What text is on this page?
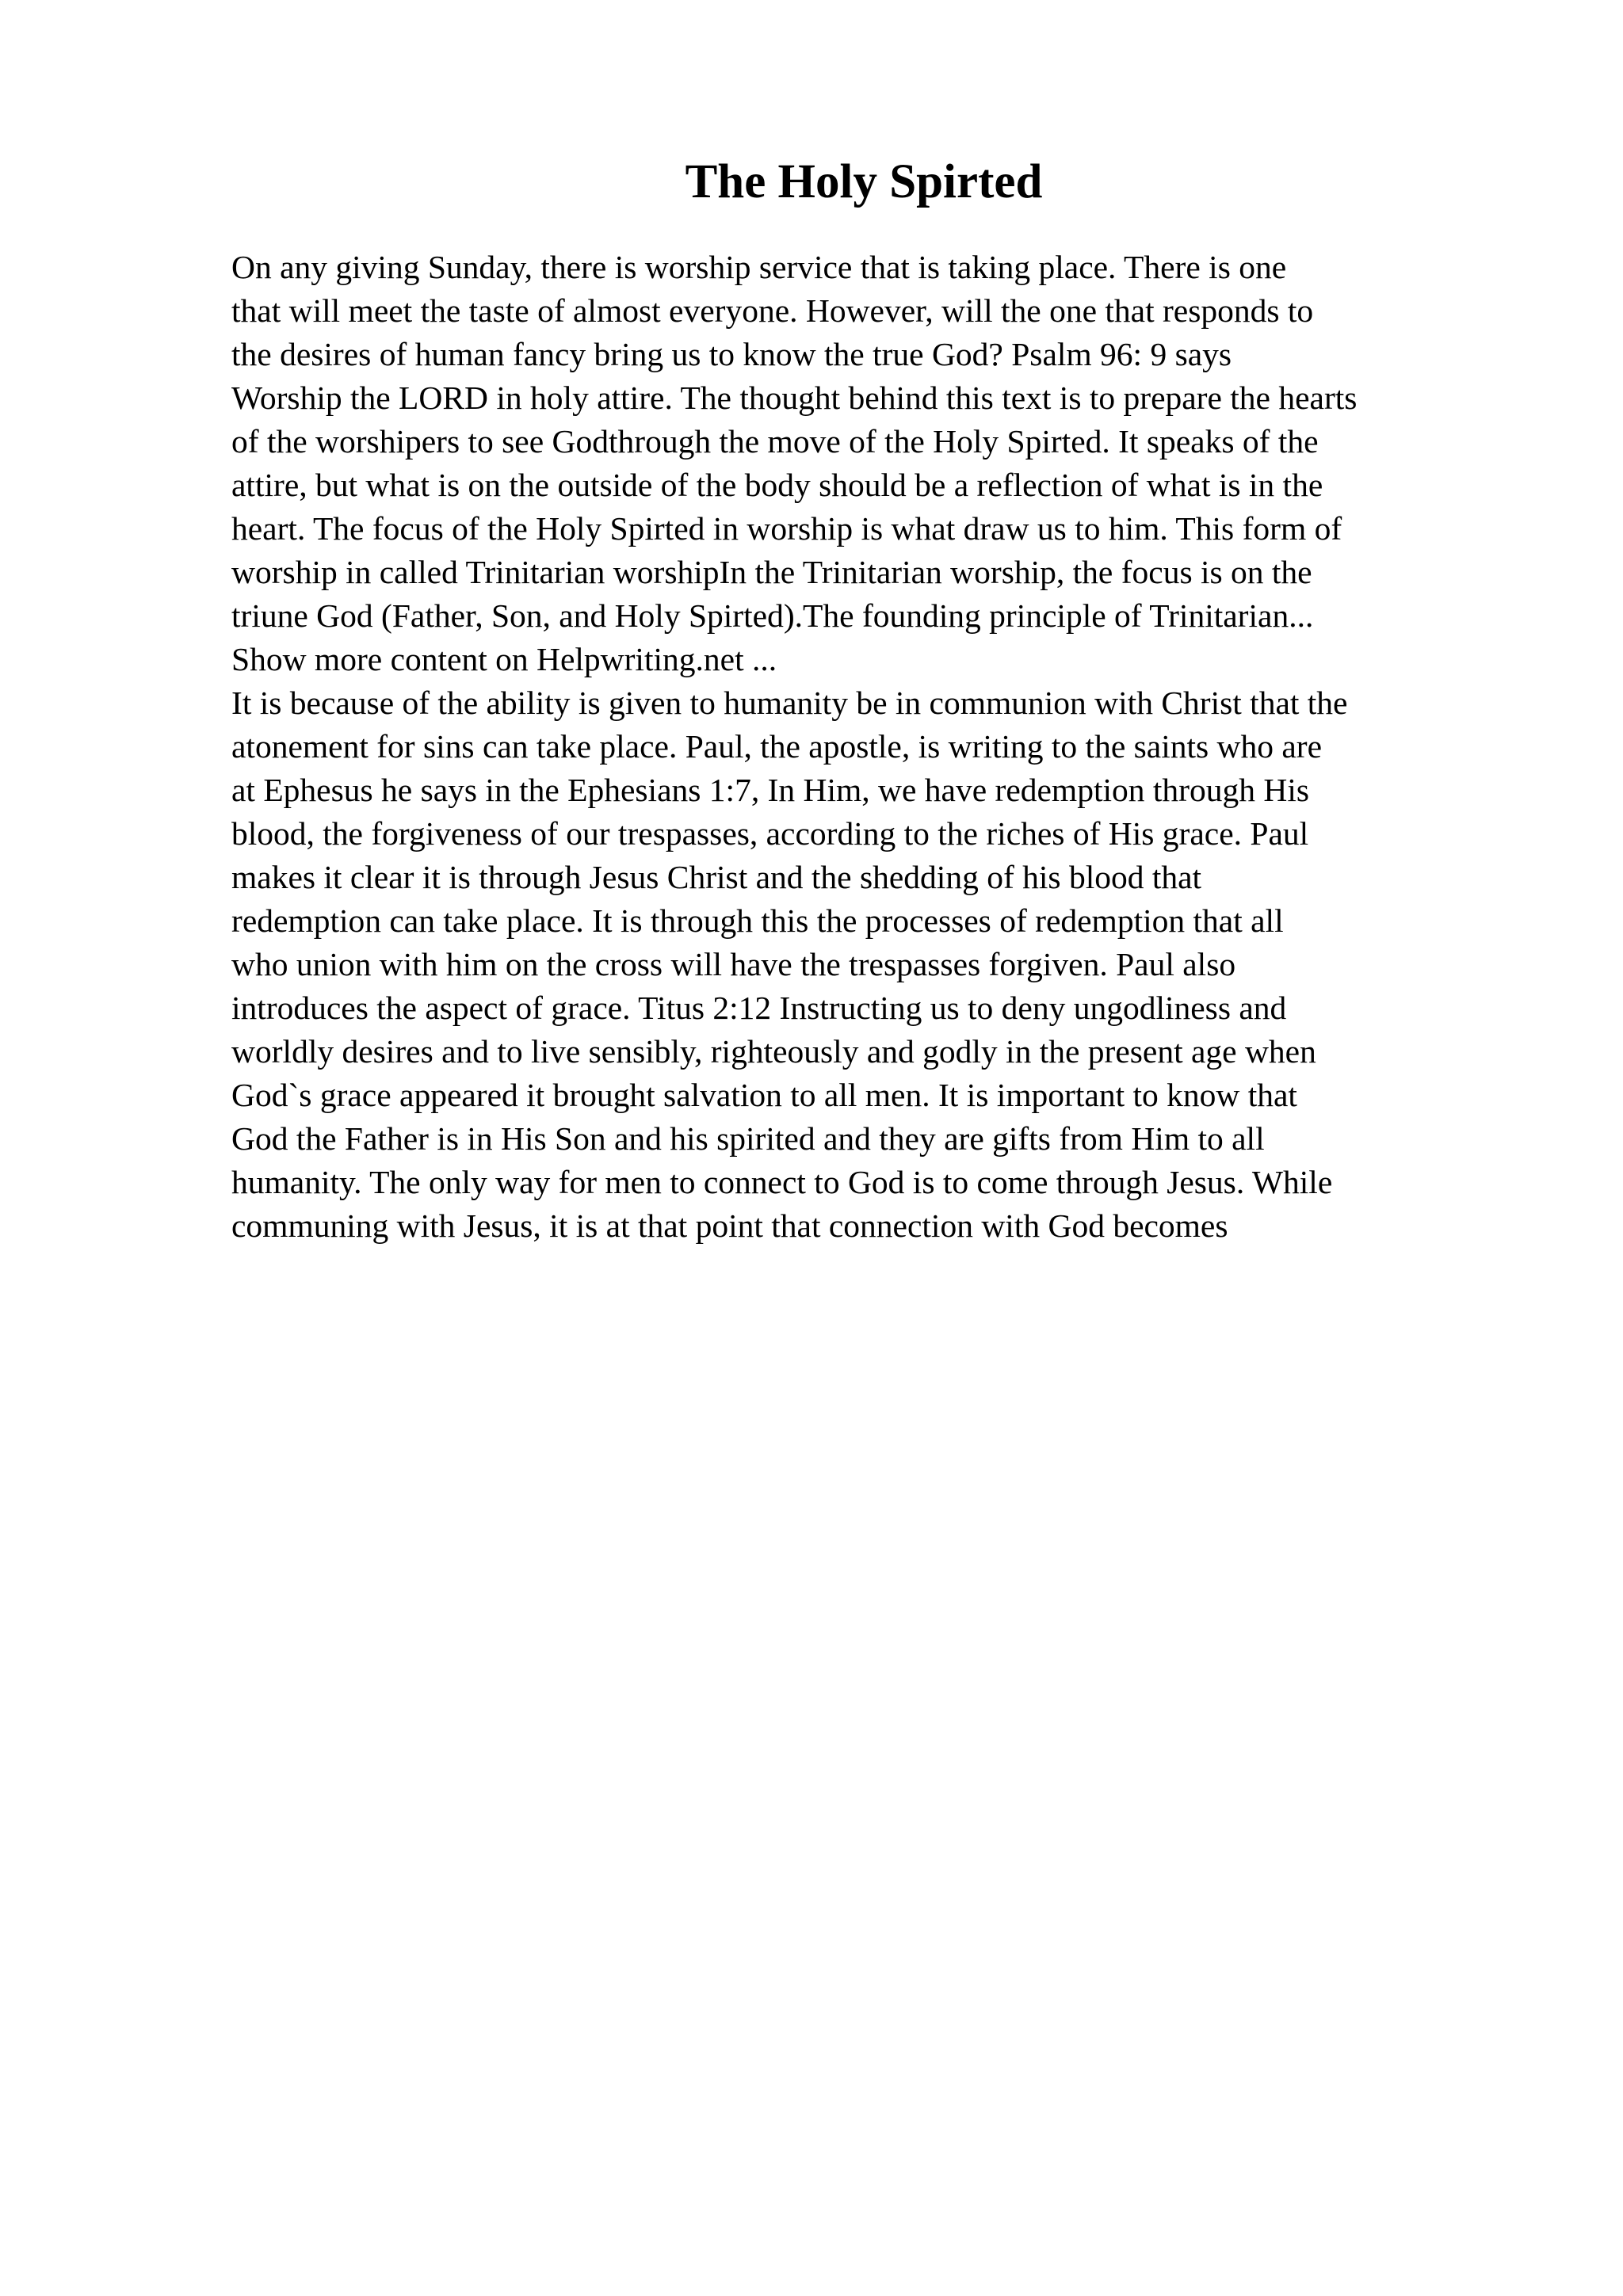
The Holy Spirted
On any giving Sunday, there is worship service that is taking place. There is one
that will meet the taste of almost everyone. However, will the one that responds to
the desires of human fancy bring us to know the true God? Psalm 96: 9 says
Worship the LORD in holy attire. The thought behind this text is to prepare the hearts
of the worshipers to see Godthrough the move of the Holy Spirted. It speaks of the
attire, but what is on the outside of the body should be a reflection of what is in the
heart. The focus of the Holy Spirted in worship is what draw us to him. This form of
worship in called Trinitarian worshipIn the Trinitarian worship, the focus is on the
triune God (Father, Son, and Holy Spirted).The founding principle of Trinitarian...
Show more content on Helpwriting.net ...
It is because of the ability is given to humanity be in communion with Christ that the
atonement for sins can take place. Paul, the apostle, is writing to the saints who are
at Ephesus he says in the Ephesians 1:7, In Him, we have redemption through His
blood, the forgiveness of our trespasses, according to the riches of His grace. Paul
makes it clear it is through Jesus Christ and the shedding of his blood that
redemption can take place. It is through this the processes of redemption that all
who union with him on the cross will have the trespasses forgiven. Paul also
introduces the aspect of grace. Titus 2:12 Instructing us to deny ungodliness and
worldly desires and to live sensibly, righteously and godly in the present age when
God`s grace appeared it brought salvation to all men. It is important to know that
God the Father is in His Son and his spirited and they are gifts from Him to all
humanity. The only way for men to connect to God is to come through Jesus. While
communing with Jesus, it is at that point that connection with God becomes
